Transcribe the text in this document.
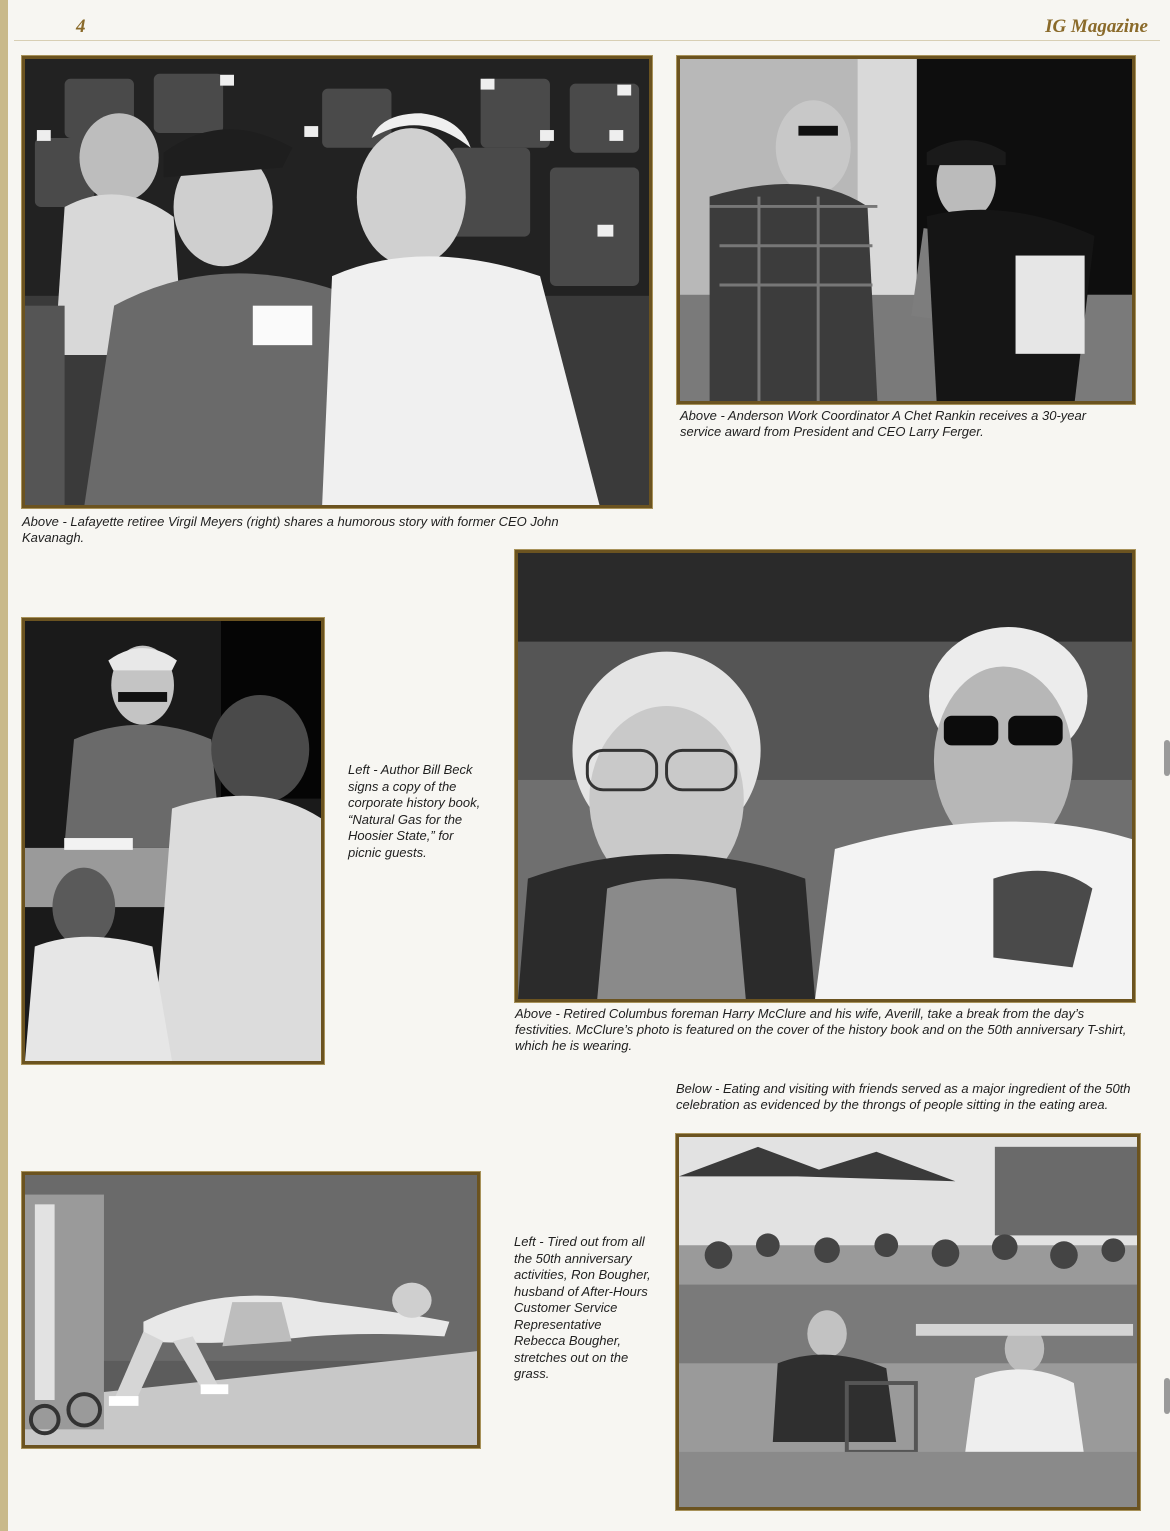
4	IG Magazine
7
6
8	4	3
2
4
4
Above - Lafayette retiree Virgil Meyers (right) shares a humorous story with former CEO John Kavanagh.
Above - Anderson Work Coordinator A Chet Rankin receives a 30-year service award from President and CEO Larry Ferger.
Left - Author Bill Beck signs a copy of the corporate history book, “Natural Gas for the Hoosier State,” for picnic guests.
Above - Retired Columbus foreman Harry McClure and his wife, Averill, take a break from the day’s festivities. McClure’s photo is featured on the cover of the history book and on the 50th anniversary T-shirt, which he is wearing.
Below - Eating and visiting with friends served as a major ingredient of the 50th celebration as evidenced by the throngs of people sitting in the eating area.
Left - Tired out from all the 50th anniversary activities, Ron Bougher, husband of After-Hours Customer Service Representative Rebecca Bougher, stretches out on the grass.
